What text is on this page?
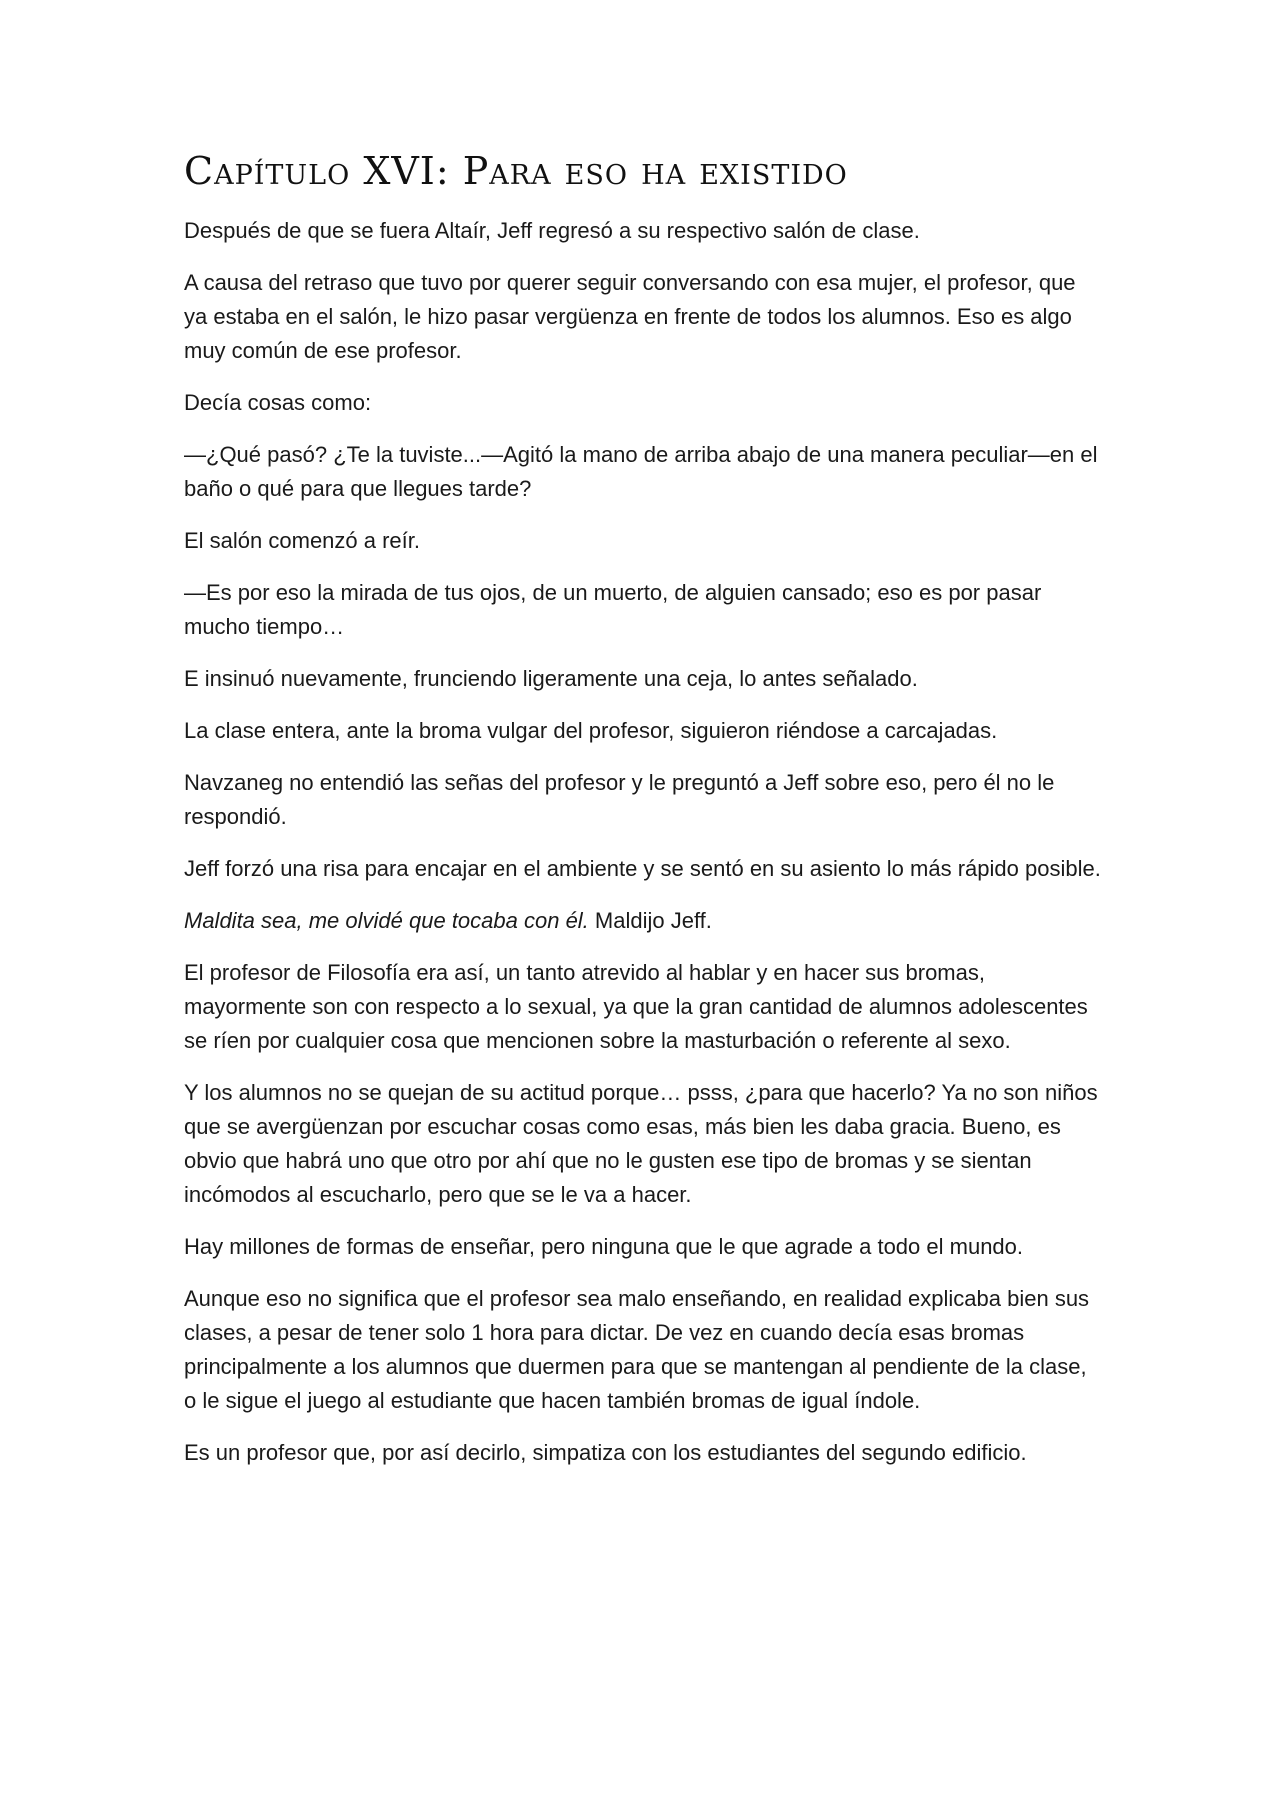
Capítulo XVI: Para eso ha existido

Después de que se fuera Altaír, Jeff regresó a su respectivo salón de clase.

A causa del retraso que tuvo por querer seguir conversando con esa mujer, el profesor, que ya estaba en el salón, le hizo pasar vergüenza en frente de todos los alumnos. Eso es algo muy común de ese profesor.

Decía cosas como:

—¿Qué pasó? ¿Te la tuviste...—Agitó la mano de arriba abajo de una manera peculiar—en el baño o qué para que llegues tarde?

El salón comenzó a reír.

—Es por eso la mirada de tus ojos, de un muerto, de alguien cansado; eso es por pasar mucho tiempo…

E insinuó nuevamente, frunciendo ligeramente una ceja, lo antes señalado.

La clase entera, ante la broma vulgar del profesor, siguieron riéndose a carcajadas.

Navzaneg no entendió las señas del profesor y le preguntó a Jeff sobre eso, pero él no le respondió.

Jeff forzó una risa para encajar en el ambiente y se sentó en su asiento lo más rápido posible.

Maldita sea, me olvidé que tocaba con él. Maldijo Jeff.

El profesor de Filosofía era así, un tanto atrevido al hablar y en hacer sus bromas, mayormente son con respecto a lo sexual, ya que la gran cantidad de alumnos adolescentes se ríen por cualquier cosa que mencionen sobre la masturbación o referente al sexo.

Y los alumnos no se quejan de su actitud porque… psss, ¿para que hacerlo? Ya no son niños que se avergüenzan por escuchar cosas como esas, más bien les daba gracia. Bueno, es obvio que habrá uno que otro por ahí que no le gusten ese tipo de bromas y se sientan incómodos al escucharlo, pero que se le va a hacer.

Hay millones de formas de enseñar, pero ninguna que le que agrade a todo el mundo.

Aunque eso no significa que el profesor sea malo enseñando, en realidad explicaba bien sus clases, a pesar de tener solo 1 hora para dictar. De vez en cuando decía esas bromas principalmente a los alumnos que duermen para que se mantengan al pendiente de la clase, o le sigue el juego al estudiante que hacen también bromas de igual índole.

Es un profesor que, por así decirlo, simpatiza con los estudiantes del segundo edificio.
